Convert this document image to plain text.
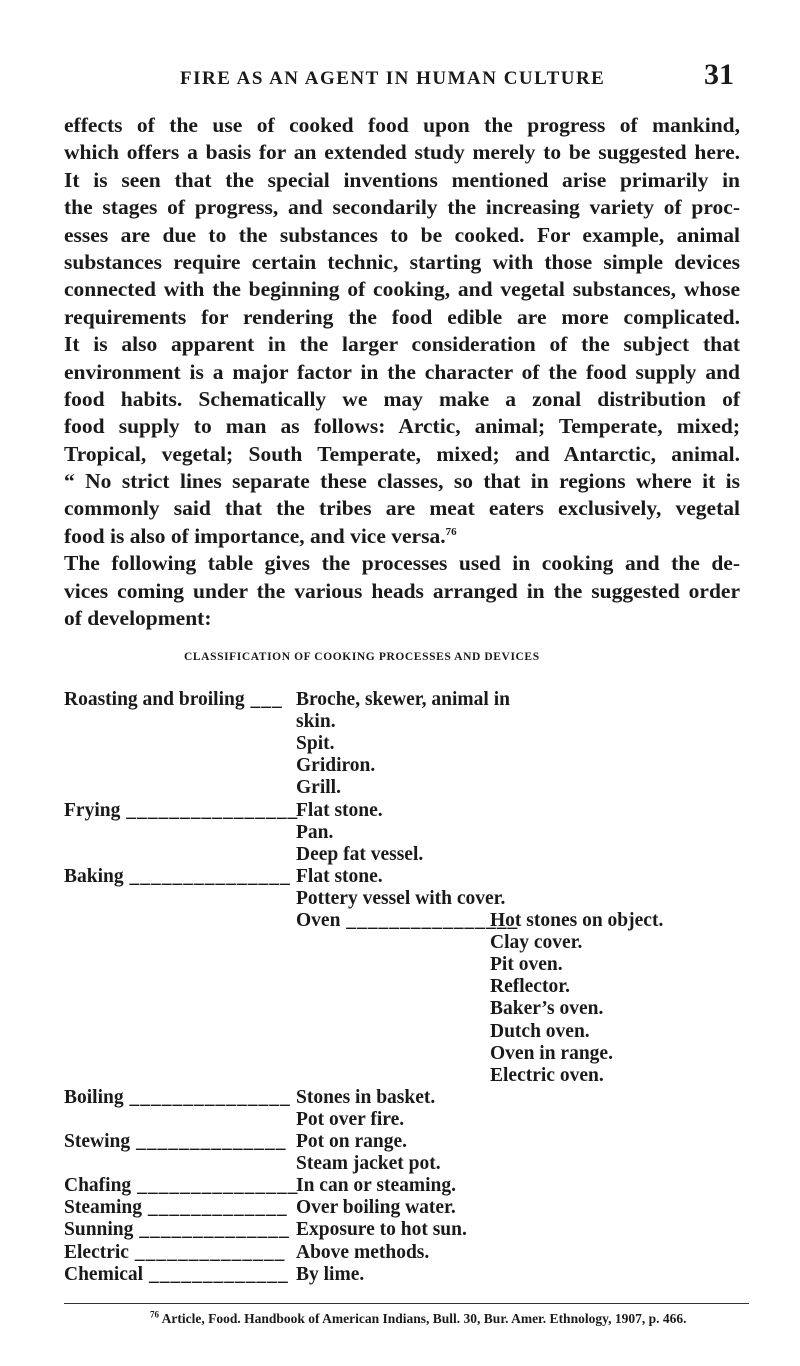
FIRE AS AN AGENT IN HUMAN CULTURE	31
effects of the use of cooked food upon the progress of mankind,
which offers a basis for an extended study merely to be suggested here.
It is seen that the special inventions mentioned arise primarily in
the stages of progress, and secondarily the increasing variety of proc-
esses are due to the substances to be cooked. For example, animal
substances require certain technic, starting with those simple devices
connected with the beginning of cooking, and vegetal substances, whose
requirements for rendering the food edible are more complicated.
It is also apparent in the larger consideration of the subject that
environment is a major factor in the character of the food supply and
food habits. Schematically we may make a zonal distribution of
food supply to man as follows: Arctic, animal; Temperate, mixed;
Tropical, vegetal; South Temperate, mixed; and Antarctic, animal.
“ No strict lines separate these classes, so that in regions where it is
commonly said that the tribes are meat eaters exclusively, vegetal
food is also of importance, and vice versa.$^{76}$
The following table gives the processes used in cooking and the de-
vices coming under the various heads arranged in the suggested order
of development:
CLASSIFICATION OF COOKING PROCESSES AND DEVICES
Roasting and broiling ___ Broche, skewer, animal in
skin.
Spit.
Gridiron.
Grill.
Frying ________________
Flat stone.
Pan.
Deep fat vessel.
Baking _______________ Flat stone.
Pottery vessel with cover.
Oven ________________
Hot stones on object.
Clay cover.
Pit oven.
Reflector.
Baker’s oven.
Dutch oven.
Oven in range.
Electric oven.
Boiling _______________ Stones in basket.
Pot over fire.
Stewing ______________ Pot on range.
Steam jacket pot.
Chafing _______________
In can or steaming.
Steaming _____________ Over boiling water.
Sunning ______________ Exposure to hot sun.
Electric ______________ Above methods.
Chemical _____________ By lime.
$^{76}$ Article, Food. Handbook of American Indians, Bull. 30, Bur. Amer. Ethnology, 1907, p. 466.
